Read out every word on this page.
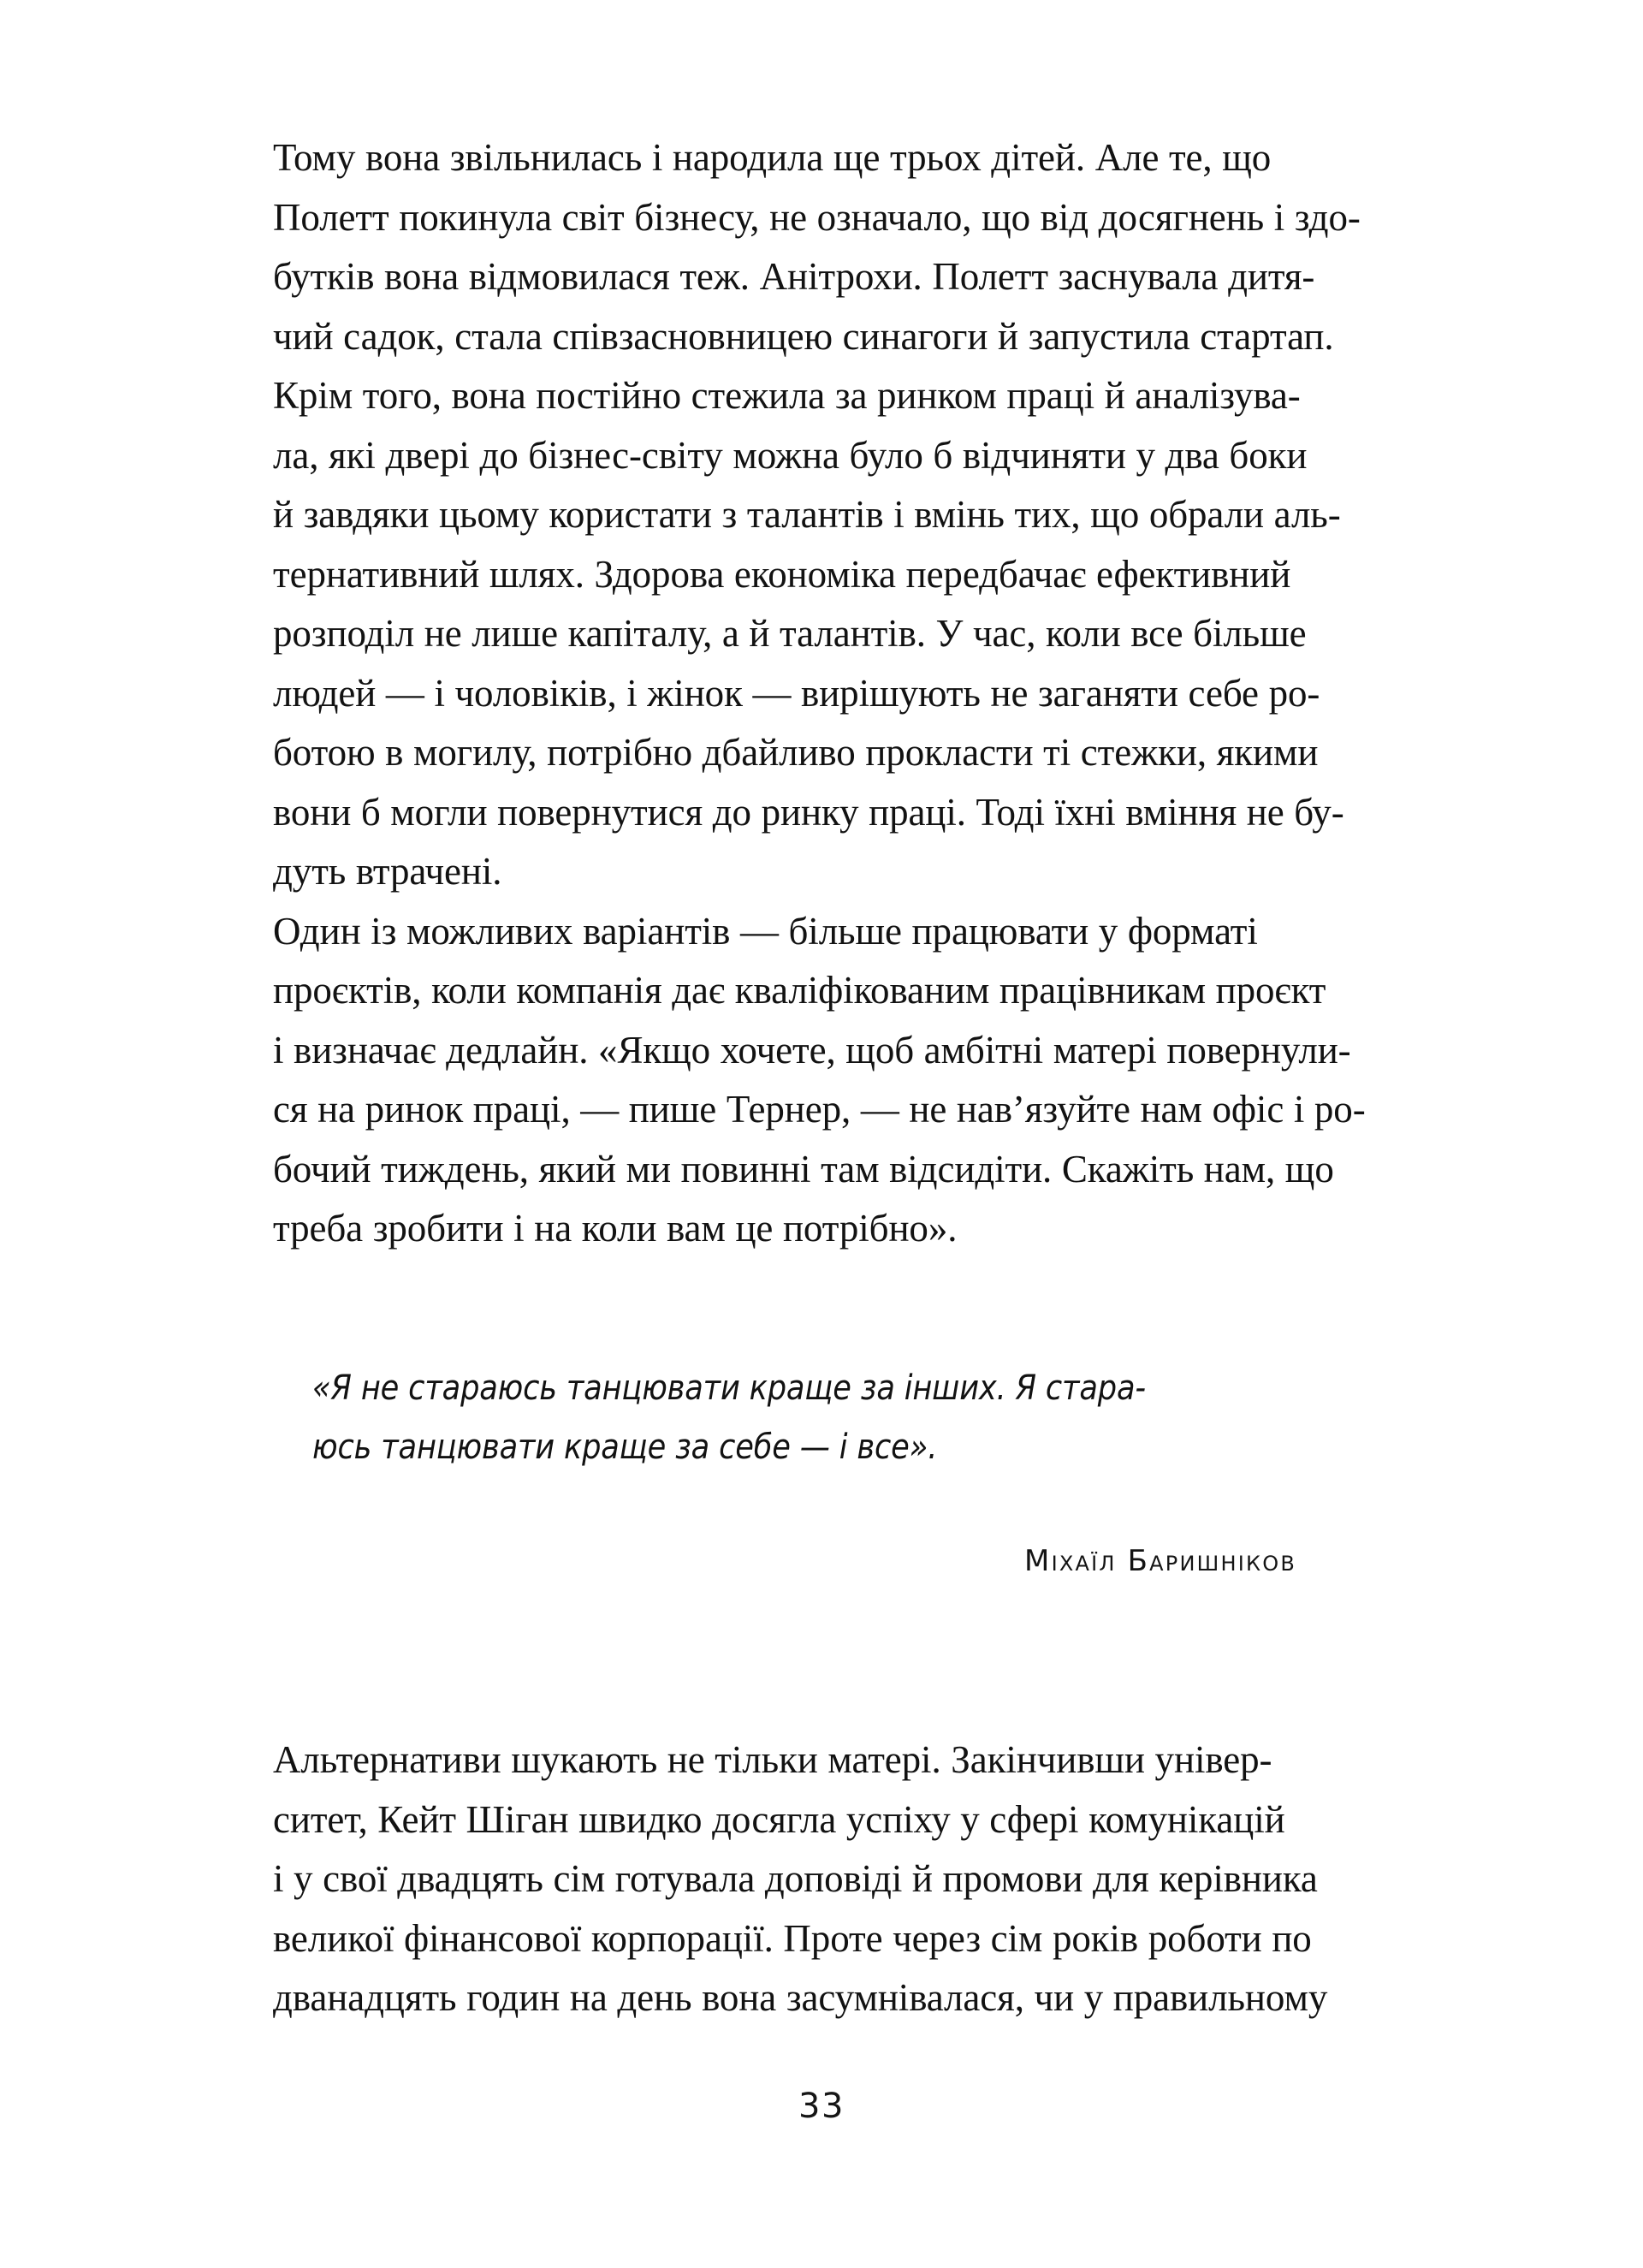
Тому вона звільнилась і народила ще трьох дітей. Але те, що
Полетт покинула світ бізнесу, не означало, що від досягнень і здо-
бутків вона відмовилася теж. Анітрохи. Полетт заснувала дитя-
чий садок, стала співзасновницею синагоги й запустила стартап.
Крім того, вона постійно стежила за ринком праці й аналізува-
ла, які двері до бізнес-світу можна було б відчиняти у два боки
й завдяки цьому користати з талантів і вмінь тих, що обрали аль-
тернативний шлях. Здорова економіка передбачає ефективний
розподіл не лише капіталу, а й талантів. У час, коли все більше
людей — і чоловіків, і жінок — вирішують не заганяти себе ро-
ботою в могилу, потрібно дбайливо прокласти ті стежки, якими
вони б могли повернутися до ринку праці. Тоді їхні вміння не бу-
дуть втрачені.

Один із можливих варіантів — більше працювати у форматі
проєктів, коли компанія дає кваліфікованим працівникам проєкт
і визначає дедлайн. «Якщо хочете, щоб амбітні матері повернули-
ся на ринок праці, — пише Тернер, — не нав’язуйте нам офіс і ро-
бочий тиждень, який ми повинні там відсидіти. Скажіть нам, що
треба зробити і на коли вам це потрібно».

«Я не стараюсь танцювати краще за інших. Я стара-
юсь танцювати краще за себе — і все».
Міхаїл Баришніков

Альтернативи шукають не тільки матері. Закінчивши універ-
ситет, Кейт Шіган швидко досягла успіху у сфері комунікацій
і у свої двадцять сім готувала доповіді й промови для керівника
великої фінансової корпорації. Проте через сім років роботи по
дванадцять годин на день вона засумнівалася, чи у правильному

33
